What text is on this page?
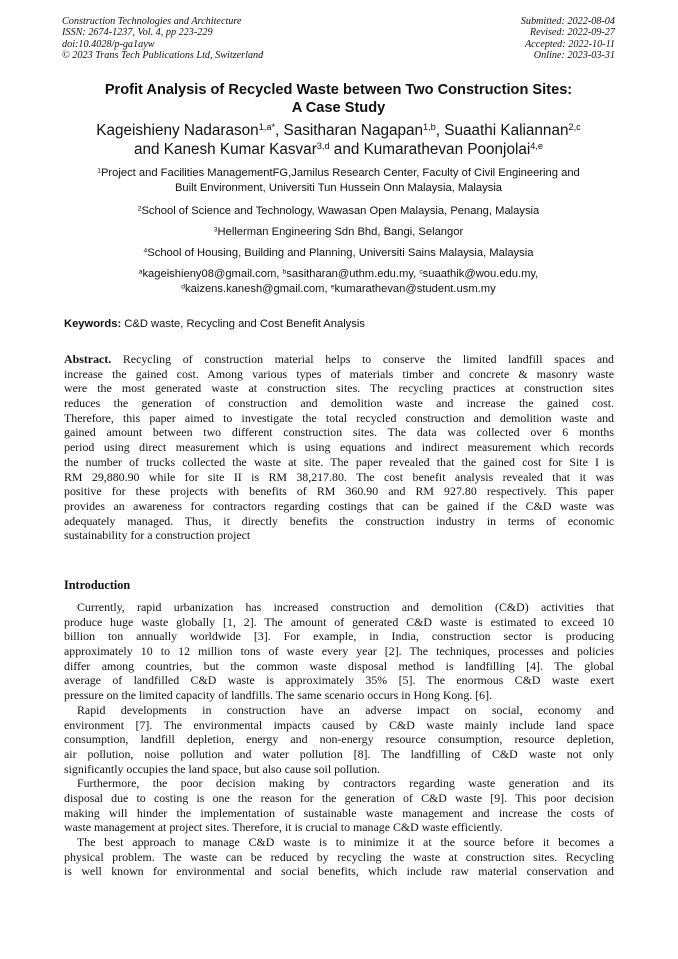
Construction Technologies and Architecture
ISSN: 2674-1237, Vol. 4, pp 223-229
doi:10.4028/p-ga1ayw
© 2023 Trans Tech Publications Ltd, Switzerland
Submitted: 2022-08-04
Revised: 2022-09-27
Accepted: 2022-10-11
Online: 2023-03-31
Profit Analysis of Recycled Waste between Two Construction Sites:
A Case Study
Kageishieny Nadarason$^{1,a*}$, Sasitharan Nagapan$^{1,b}$, Suaathi Kaliannan$^{2,c}$
and Kanesh Kumar Kasvar$^{3,d}$ and Kumarathevan Poonjolai$^{4,e}$
$^1$Project and Facilities ManagementFG,Jamilus Research Center, Faculty of Civil Engineering and
Built Environment, Universiti Tun Hussein Onn Malaysia, Malaysia
$^2$School of Science and Technology, Wawasan Open Malaysia, Penang, Malaysia
$^3$Hellerman Engineering Sdn Bhd, Bangi, Selangor
$^4$School of Housing, Building and Planning, Universiti Sains Malaysia, Malaysia
$^a$kageishieny08@gmail.com, $^b$sasitharan@uthm.edu.my, $^c$suaathik@wou.edu.my,
$^d$kaizens.kanesh@gmail.com, $^e$kumarathevan@student.usm.my
Keywords: C&D waste, Recycling and Cost Benefit Analysis
Abstract. Recycling of construction material helps to conserve the limited landfill spaces and
increase the gained cost. Among various types of materials timber and concrete & masonry waste
were the most generated waste at construction sites. The recycling practices at construction sites
reduces the generation of construction and demolition waste and increase the gained cost.
Therefore, this paper aimed to investigate the total recycled construction and demolition waste and
gained amount between two different construction sites. The data was collected over 6 months
period using direct measurement which is using equations and indirect measurement which records
the number of trucks collected the waste at site. The paper revealed that the gained cost for Site I is
RM 29,880.90 while for site II is RM 38,217.80. The cost benefit analysis revealed that it was
positive for these projects with benefits of RM 360.90 and RM 927.80 respectively. This paper
provides an awareness for contractors regarding costings that can be gained if the C&D waste was
adequately managed. Thus, it directly benefits the construction industry in terms of economic
sustainability for a construction project
Introduction
Currently, rapid urbanization has increased construction and demolition (C&D) activities that
produce huge waste globally [1, 2]. The amount of generated C&D waste is estimated to exceed 10
billion ton annually worldwide [3]. For example, in India, construction sector is producing
approximately 10 to 12 million tons of waste every year [2]. The techniques, processes and policies
differ among countries, but the common waste disposal method is landfilling [4]. The global
average of landfilled C&D waste is approximately 35% [5]. The enormous C&D waste exert
pressure on the limited capacity of landfills. The same scenario occurs in Hong Kong. [6].
Rapid developments in construction have an adverse impact on social, economy and
environment [7]. The environmental impacts caused by C&D waste mainly include land space
consumption, landfill depletion, energy and non-energy resource consumption, resource depletion,
air pollution, noise pollution and water pollution [8]. The landfilling of C&D waste not only
significantly occupies the land space, but also cause soil pollution.
Furthermore, the poor decision making by contractors regarding waste generation and its
disposal due to costing is one the reason for the generation of C&D waste [9]. This poor decision
making will hinder the implementation of sustainable waste management and increase the costs of
waste management at project sites. Therefore, it is crucial to manage C&D waste efficiently.
The best approach to manage C&D waste is to minimize it at the source before it becomes a
physical problem. The waste can be reduced by recycling the waste at construction sites. Recycling
is well known for environmental and social benefits, which include raw material conservation and
